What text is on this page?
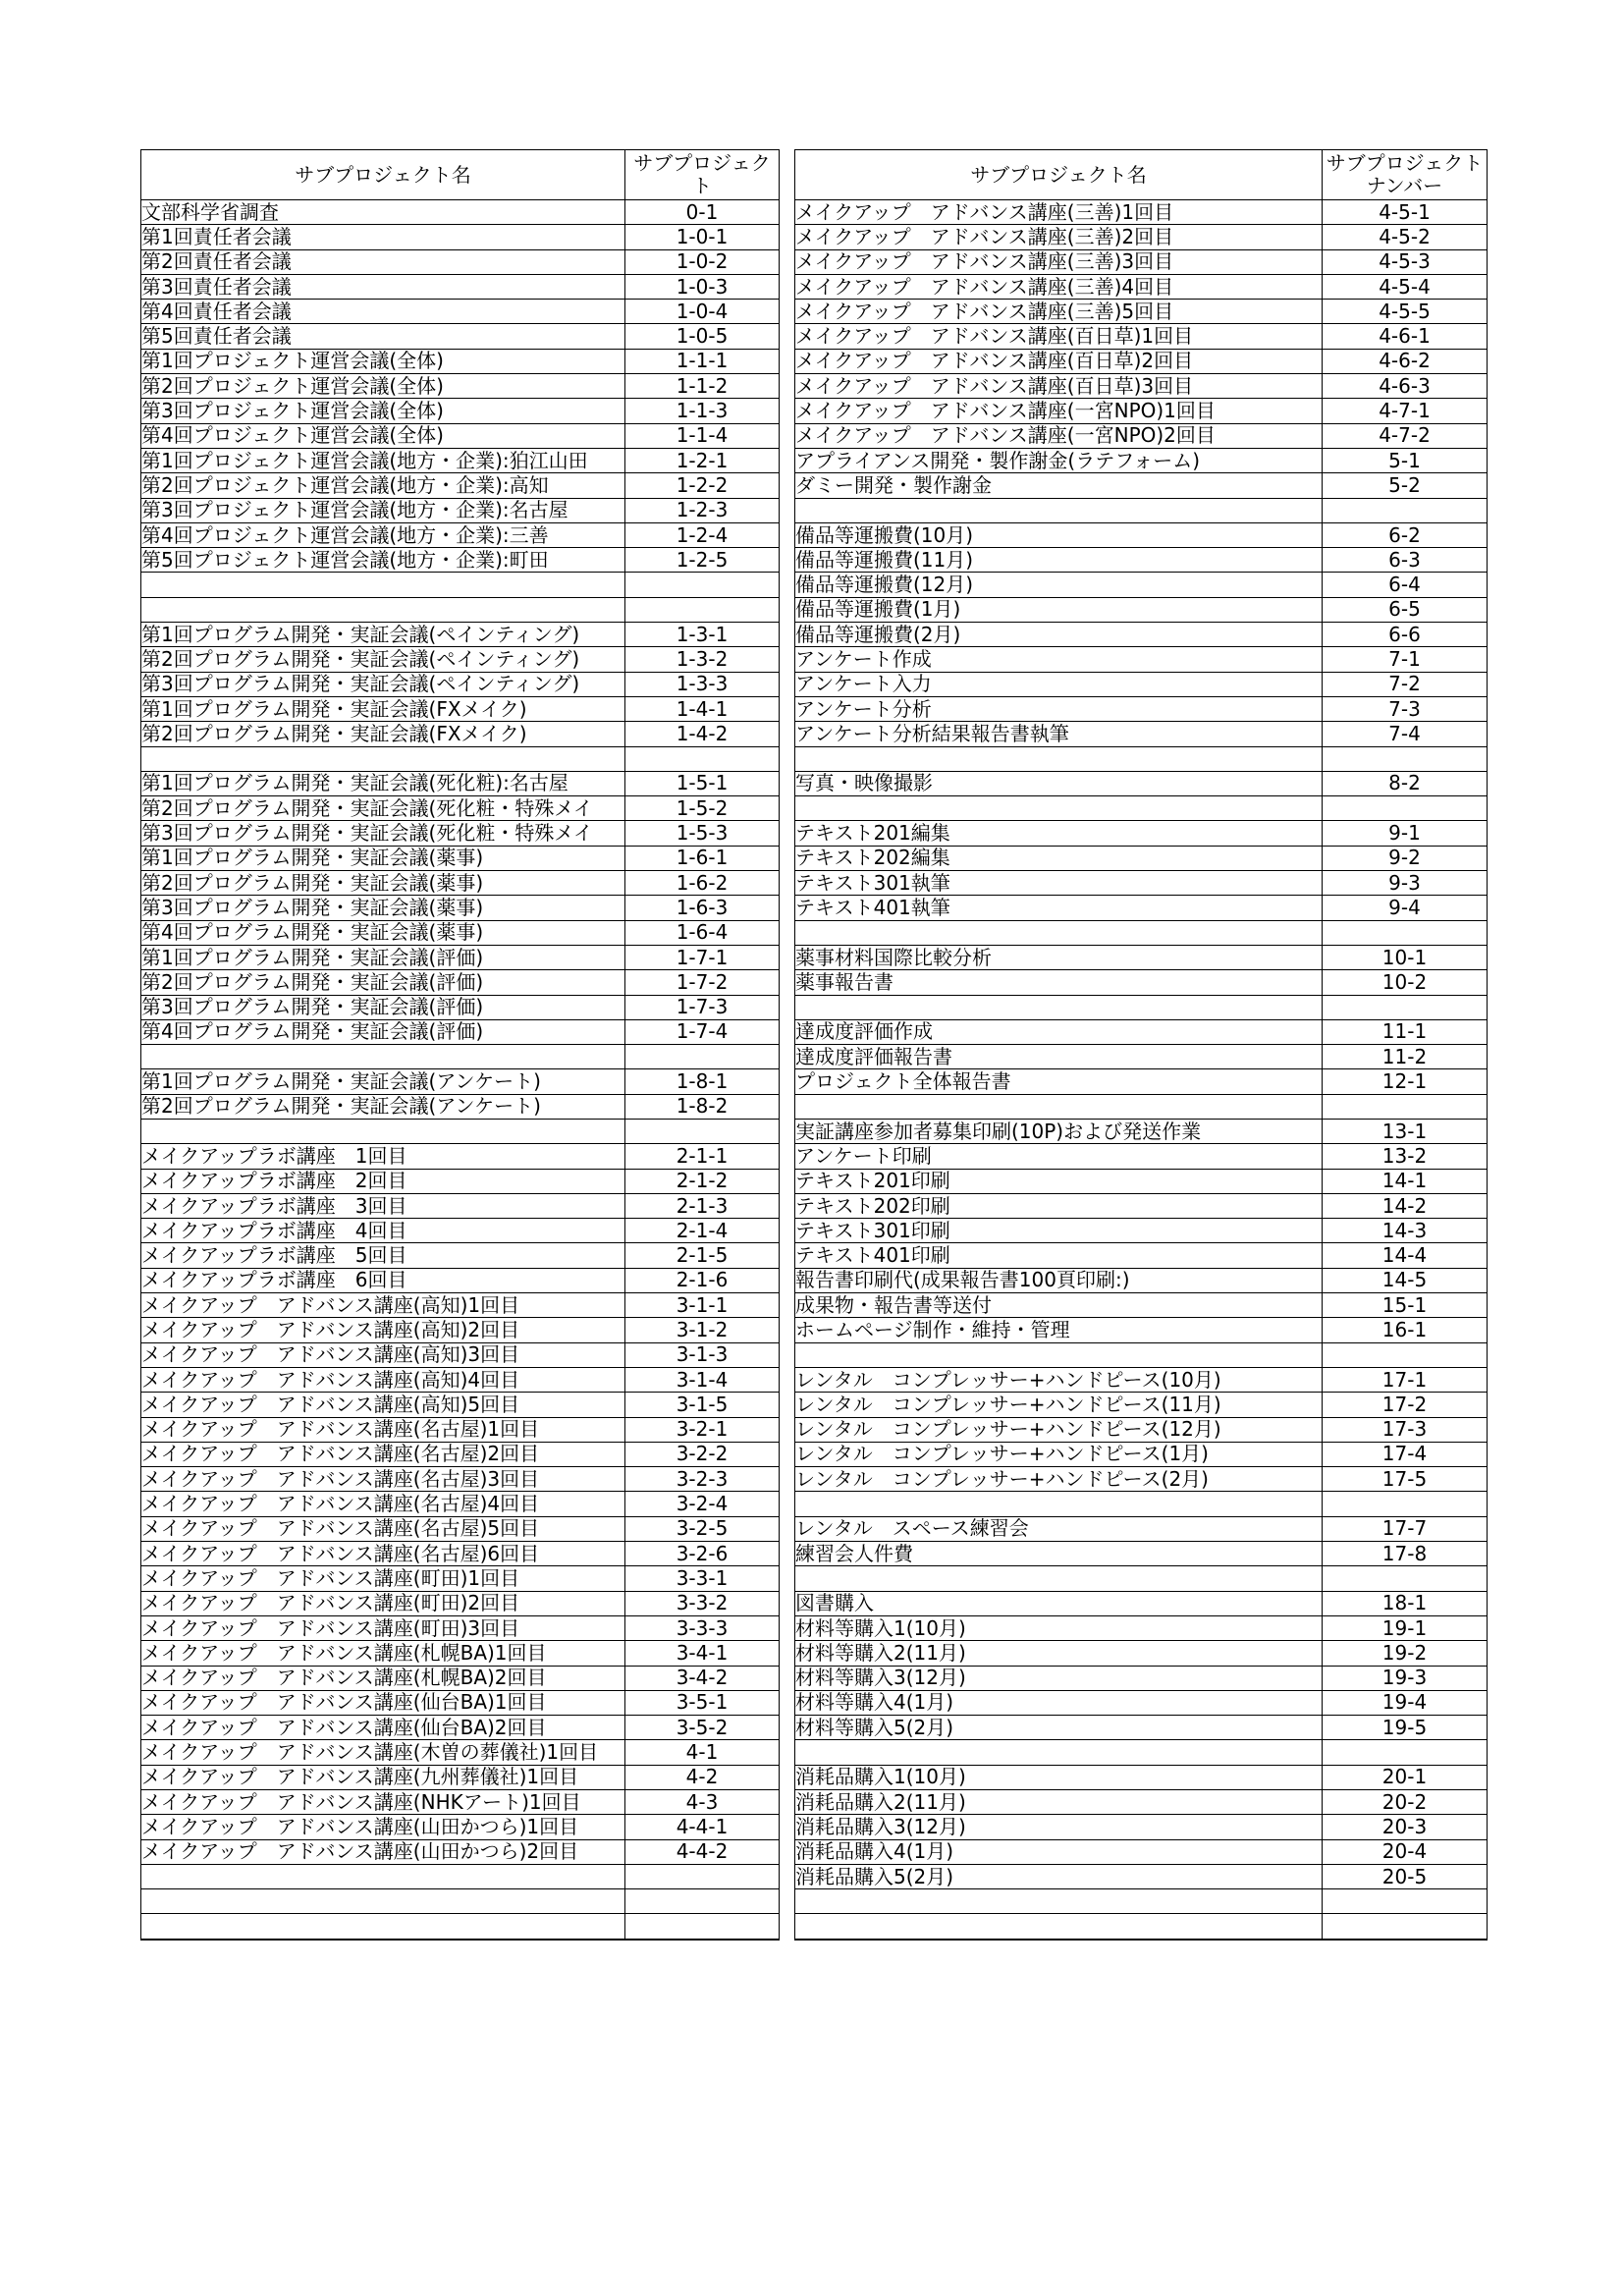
サブプロジェクト名	サブプロジェクト
文部科学省調査	0-1
第1回責任者会議	1-0-1
第2回責任者会議	1-0-2
第3回責任者会議	1-0-3
第4回責任者会議	1-0-4
第5回責任者会議	1-0-5
第1回プロジェクト運営会議(全体)	1-1-1
第2回プロジェクト運営会議(全体)	1-1-2
第3回プロジェクト運営会議(全体)	1-1-3
第4回プロジェクト運営会議(全体)	1-1-4
第1回プロジェクト運営会議(地方・企業):狛江山田	1-2-1
第2回プロジェクト運営会議(地方・企業):高知	1-2-2
第3回プロジェクト運営会議(地方・企業):名古屋	1-2-3
第4回プロジェクト運営会議(地方・企業):三善	1-2-4
第5回プロジェクト運営会議(地方・企業):町田	1-2-5

第1回プログラム開発・実証会議(ペインティング)	1-3-1
第2回プログラム開発・実証会議(ペインティング)	1-3-2
第3回プログラム開発・実証会議(ペインティング)	1-3-3
第1回プログラム開発・実証会議(FXメイク)	1-4-1
第2回プログラム開発・実証会議(FXメイク)	1-4-2

第1回プログラム開発・実証会議(死化粧):名古屋	1-5-1
第2回プログラム開発・実証会議(死化粧・特殊メイ	1-5-2
第3回プログラム開発・実証会議(死化粧・特殊メイ	1-5-3
第1回プログラム開発・実証会議(薬事)	1-6-1
第2回プログラム開発・実証会議(薬事)	1-6-2
第3回プログラム開発・実証会議(薬事)	1-6-3
第4回プログラム開発・実証会議(薬事)	1-6-4
第1回プログラム開発・実証会議(評価)	1-7-1
第2回プログラム開発・実証会議(評価)	1-7-2
第3回プログラム開発・実証会議(評価)	1-7-3
第4回プログラム開発・実証会議(評価)	1-7-4

第1回プログラム開発・実証会議(アンケート)	1-8-1
第2回プログラム開発・実証会議(アンケート)	1-8-2

メイクアップラボ講座　1回目	2-1-1
メイクアップラボ講座　2回目	2-1-2
メイクアップラボ講座　3回目	2-1-3
メイクアップラボ講座　4回目	2-1-4
メイクアップラボ講座　5回目	2-1-5
メイクアップラボ講座　6回目	2-1-6
メイクアップ　アドバンス講座(高知)1回目	3-1-1
メイクアップ　アドバンス講座(高知)2回目	3-1-2
メイクアップ　アドバンス講座(高知)3回目	3-1-3
メイクアップ　アドバンス講座(高知)4回目	3-1-4
メイクアップ　アドバンス講座(高知)5回目	3-1-5
メイクアップ　アドバンス講座(名古屋)1回目	3-2-1
メイクアップ　アドバンス講座(名古屋)2回目	3-2-2
メイクアップ　アドバンス講座(名古屋)3回目	3-2-3
メイクアップ　アドバンス講座(名古屋)4回目	3-2-4
メイクアップ　アドバンス講座(名古屋)5回目	3-2-5
メイクアップ　アドバンス講座(名古屋)6回目	3-2-6
メイクアップ　アドバンス講座(町田)1回目	3-3-1
メイクアップ　アドバンス講座(町田)2回目	3-3-2
メイクアップ　アドバンス講座(町田)3回目	3-3-3
メイクアップ　アドバンス講座(札幌BA)1回目	3-4-1
メイクアップ　アドバンス講座(札幌BA)2回目	3-4-2
メイクアップ　アドバンス講座(仙台BA)1回目	3-5-1
メイクアップ　アドバンス講座(仙台BA)2回目	3-5-2
メイクアップ　アドバンス講座(木曽の葬儀社)1回目	4-1
メイクアップ　アドバンス講座(九州葬儀社)1回目	4-2
メイクアップ　アドバンス講座(NHKアート)1回目	4-3
メイクアップ　アドバンス講座(山田かつら)1回目	4-4-1
メイクアップ　アドバンス講座(山田かつら)2回目	4-4-2

サブプロジェクト名	サブプロジェクトナンバー
メイクアップ　アドバンス講座(三善)1回目	4-5-1
メイクアップ　アドバンス講座(三善)2回目	4-5-2
メイクアップ　アドバンス講座(三善)3回目	4-5-3
メイクアップ　アドバンス講座(三善)4回目	4-5-4
メイクアップ　アドバンス講座(三善)5回目	4-5-5
メイクアップ　アドバンス講座(百日草)1回目	4-6-1
メイクアップ　アドバンス講座(百日草)2回目	4-6-2
メイクアップ　アドバンス講座(百日草)3回目	4-6-3
メイクアップ　アドバンス講座(一宮NPO)1回目	4-7-1
メイクアップ　アドバンス講座(一宮NPO)2回目	4-7-2
アプライアンス開発・製作謝金(ラテフォーム)	5-1
ダミー開発・製作謝金	5-2

備品等運搬費(10月)	6-2
備品等運搬費(11月)	6-3
備品等運搬費(12月)	6-4
備品等運搬費(1月)	6-5
備品等運搬費(2月)	6-6
アンケート作成	7-1
アンケート入力	7-2
アンケート分析	7-3
アンケート分析結果報告書執筆	7-4

写真・映像撮影	8-2

テキスト201編集	9-1
テキスト202編集	9-2
テキスト301執筆	9-3
テキスト401執筆	9-4

薬事材料国際比較分析	10-1
薬事報告書	10-2

達成度評価作成	11-1
達成度評価報告書	11-2
プロジェクト全体報告書	12-1

実証講座参加者募集印刷(10P)および発送作業	13-1
アンケート印刷	13-2
テキスト201印刷	14-1
テキスト202印刷	14-2
テキスト301印刷	14-3
テキスト401印刷	14-4
報告書印刷代(成果報告書100頁印刷:)	14-5
成果物・報告書等送付	15-1
ホームページ制作・維持・管理	16-1

レンタル　コンプレッサー+ハンドピース(10月)	17-1
レンタル　コンプレッサー+ハンドピース(11月)	17-2
レンタル　コンプレッサー+ハンドピース(12月)	17-3
レンタル　コンプレッサー+ハンドピース(1月)	17-4
レンタル　コンプレッサー+ハンドピース(2月)	17-5

レンタル　スペース練習会	17-7
練習会人件費	17-8

図書購入	18-1
材料等購入1(10月)	19-1
材料等購入2(11月)	19-2
材料等購入3(12月)	19-3
材料等購入4(1月)	19-4
材料等購入5(2月)	19-5

消耗品購入1(10月)	20-1
消耗品購入2(11月)	20-2
消耗品購入3(12月)	20-3
消耗品購入4(1月)	20-4
消耗品購入5(2月)	20-5
